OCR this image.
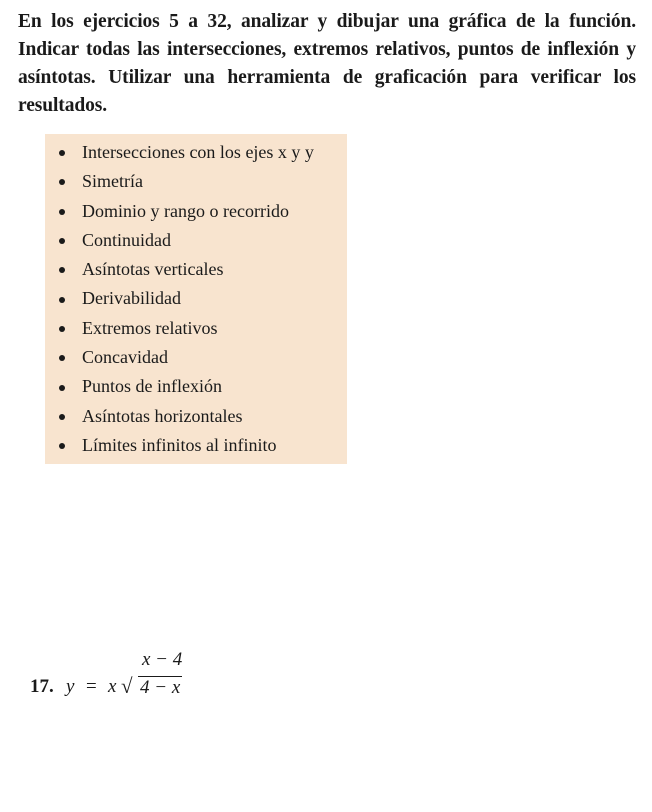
En los ejercicios 5 a 32, analizar y dibujar una gráfica de la función. Indicar todas las intersecciones, extremos relativos, puntos de inflexión y asíntotas. Utilizar una herramienta de graficación para verificar los resultados.

Intersecciones con los ejes x y y
Simetría
Dominio y rango o recorrido
Continuidad
Asíntotas verticales
Derivabilidad
Extremos relativos
Concavidad
Puntos de inflexión
Asíntotas horizontales
Límites infinitos al infinito
x − 4
17. y = x √ 4 − x
